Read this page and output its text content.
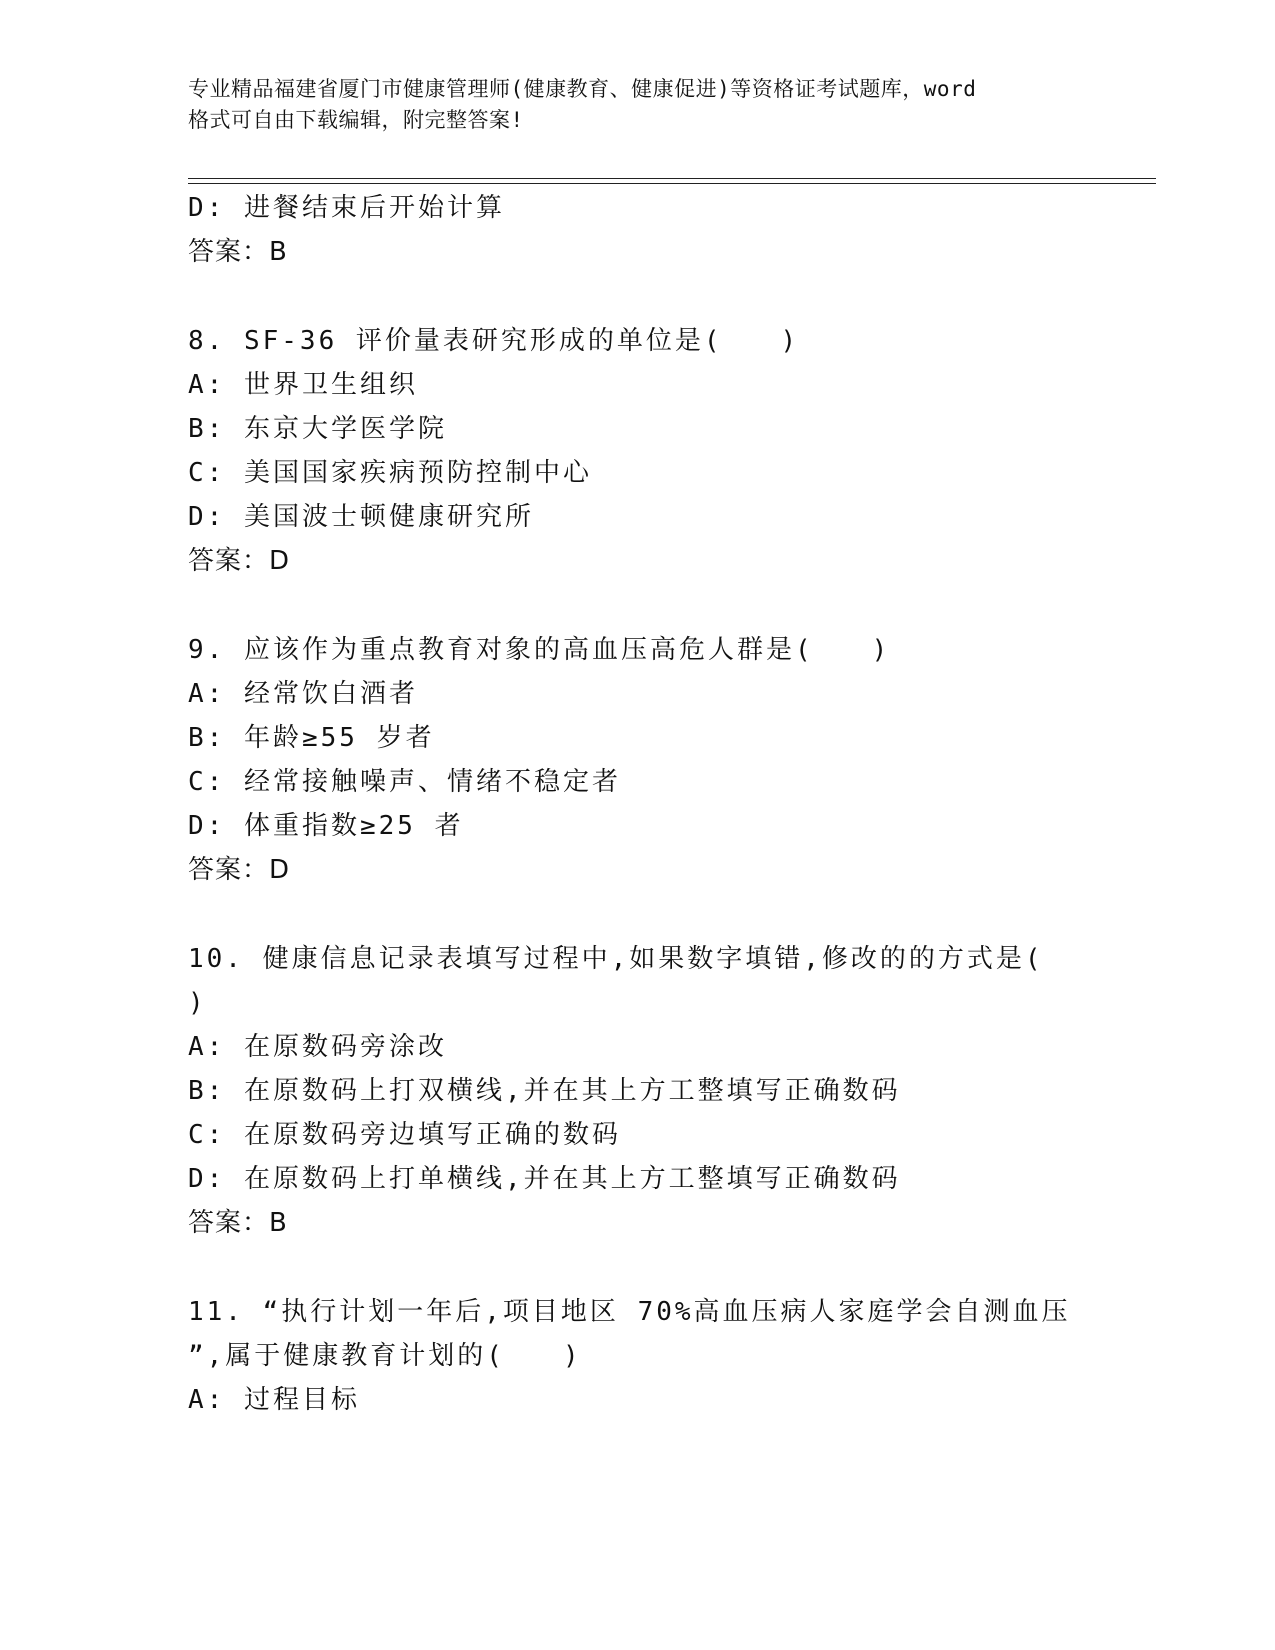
专业精品福建省厦门市健康管理师(健康教育、健康促进)等资格证考试题库，word
格式可自由下载编辑，附完整答案!
D: 进餐结束后开始计算
答案：B
8. SF-36 评价量表研究形成的单位是(　　)
A: 世界卫生组织
B: 东京大学医学院
C: 美国国家疾病预防控制中心
D: 美国波士顿健康研究所
答案：D
9. 应该作为重点教育对象的高血压高危人群是(　　)
A: 经常饮白酒者
B: 年龄≥55 岁者
C: 经常接触噪声、情绪不稳定者
D: 体重指数≥25 者
答案：D
10. 健康信息记录表填写过程中,如果数字填错,修改的的方式是(
)
A: 在原数码旁涂改
B: 在原数码上打双横线,并在其上方工整填写正确数码
C: 在原数码旁边填写正确的数码
D: 在原数码上打单横线,并在其上方工整填写正确数码
答案：B
11. “执行计划一年后,项目地区 70%高血压病人家庭学会自测血压
”,属于健康教育计划的(　　)
A: 过程目标
